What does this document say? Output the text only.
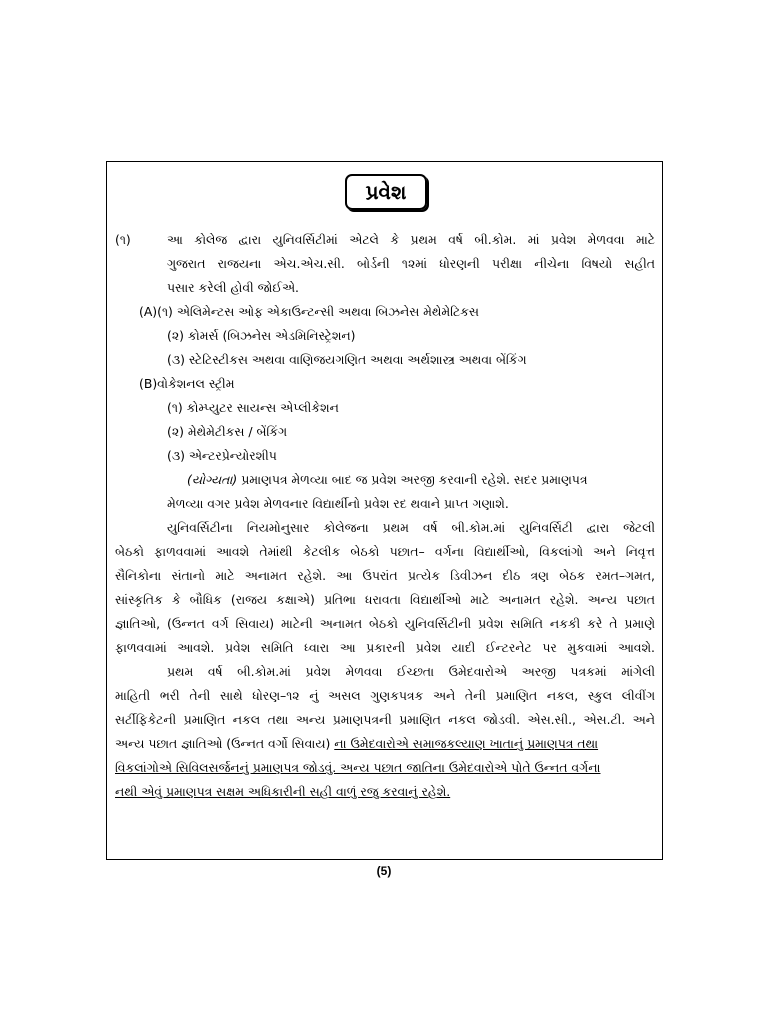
પ્રવેશ
(૧)	આ કોલેજ દ્વારા યુનિવર્સિટીમાં એટલે કે પ્રથમ વર્ષ બી.કોમ. માં પ્રવેશ મેળવવા માટે
ગુજરાત રાજયના એચ.એચ.સી. બોર્ડની ૧૨માં ધોરણની પરીક્ષા નીચેના વિષયો સહીત
પસાર કરેલી હોવી જોઈએ.
(A)(૧) એલિમેન્ટસ ઓફ એકાઉન્ટન્સી અથવા બિઝનેસ મેથેમેટિકસ
(૨) કોમર્સ (બિઝનેસ એડમિનિસ્ટ્રેશન)
(૩) સ્ટેટિસ્ટીકસ અથવા વાણિજયગણિત અથવા અર્થશાસ્ત્ર અથવા બેંકિંગ
(B)વોકેશનલ સ્ટ્રીમ
(૧) કોમ્પ્યુટર સાયન્સ એપ્લીકેશન
(૨) મેથેમેટીકસ / બેંકિંગ
(૩) એન્ટરપ્રેન્યોરશીપ
(યોગ્યતા) પ્રમાણપત્ર મેળવ્યા બાદ જ પ્રવેશ અરજી કરવાની રહેશે. સદર પ્રમાણપત્ર
મેળવ્યા વગર પ્રવેશ મેળવનાર વિદ્યાર્થીનો પ્રવેશ રદ થવાને પ્રાપ્ત ગણાશે.
યુનિવર્સિટીના નિયમોનુસાર કોલેજના પ્રથમ વર્ષ બી.કોમ.માં યુનિવર્સિટી દ્વારા જેટલી
બેઠકો ફાળવવામાં આવશે તેમાંથી કેટલીક બેઠકો પછાત– વર્ગના વિદ્યાર્થીઓ, વિકલાંગો અને નિવૃત્ત
સૈનિકોના સંતાનો માટે અનામત રહેશે. આ ઉપરાંત પ્રત્યેક ડિવીઝન દીઠ ત્રણ બેઠક રમત–ગમત,
સાંસ્કૃતિક કે બૌધિક (રાજય કક્ષાએ) પ્રતિભા ધરાવતા વિદ્યાર્થીઓ માટે અનામત રહેશે. અન્ય પછાત
જ્ઞાતિઓ, (ઉન્નત વર્ગ સિવાય) માટેની અનામત બેઠકો યુનિવર્સિટીની પ્રવેશ સમિતિ નકકી કરે તે પ્રમાણે
ફાળવવામાં આવશે. પ્રવેશ સમિતિ ધ્વારા આ પ્રકારની પ્રવેશ યાદી ઈન્ટરનેટ પર મુકવામાં આવશે.
પ્રથમ વર્ષ બી.કોમ.માં પ્રવેશ મેળવવા ઈચ્છતા ઉમેદવારોએ અરજી પત્રકમાં માંગેલી
માહિતી ભરી તેની સાથે ધોરણ–૧૨ નું અસલ ગુણકપત્રક અને તેની પ્રમાણિત નકલ, સ્કુલ લીવીંગ
સર્ટીફિકેટની પ્રમાણિત નકલ તથા અન્ય પ્રમાણપત્રની પ્રમાણિત નકલ જોડવી. એસ.સી., એસ.ટી. અને
અન્ય પછાત જ્ઞાતિઓ (ઉન્નત વર્ગો સિવાય) ના ઉમેદવારોએ સમાજકલ્યાણ ખાતાનું પ્રમાણપત્ર તથા
વિકલાંગોએ સિવિલસર્જનનું પ્રમાણપત્ર જોડવું. અન્ય પછાત જાતિના ઉમેદવારોએ પોતે ઉન્નત વર્ગના
નથી એવું પ્રમાણપત્ર સક્ષમ અધિકારીની સહી વાળું રજુ કરવાનું રહેશે.
(5)
